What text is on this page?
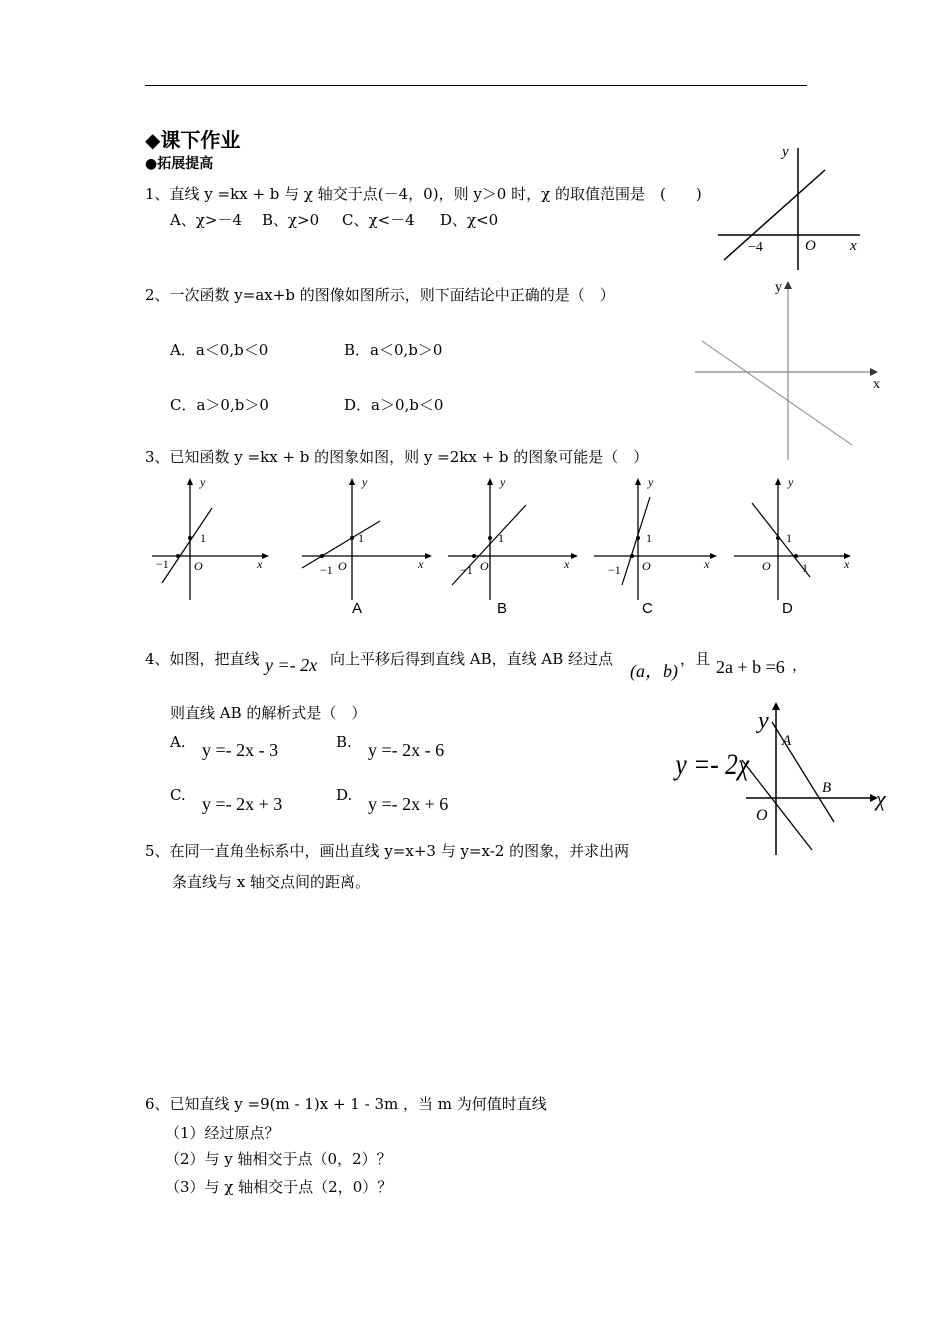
◆课下作业
●拓展提高
1、直线 y =kx + b 与 χ 轴交于点(－4，0)，则 y＞0 时，χ 的取值范围是　(　　)
A、χ>－4 B、χ>0 C、χ<－4 D、χ<0
y
x
O
−4
2、一次函数 y=ax+b 的图像如图所示，则下面结论中正确的是（　）
A．a＜0,b＜0	B．a＜0,b＞0
C．a＞0,b＞0	D．a＞0,b＜0
y
x
3、已知函数 y =kx + b 的图象如图，则 y =2kx + b 的图象可能是（　）
y
x
O
1
−1
y
x
O
1
−1
y
x
O
1
−1
y
x
O
1
−1
y
x
O
1
1
A	B	C	D
4、如图，把直线 y =- 2x 向上平移后得到直线 AB，直线 AB 经过点
(a，b)
，且 2a + b =6 ，
则直线 AB 的解析式是（　）
A. y =- 2x - 3	B. y =- 2x - 6
C. y =- 2x + 3	D. y =- 2x + 6
y =- 2χ
y
χ
O
A
B
5、在同一直角坐标系中，画出直线 y=x+3 与 y=x-2 的图象，并求出两
条直线与 x 轴交点间的距离。
6、已知直线 y =9(m - 1)x + 1 - 3m ，当 m 为何值时直线
（1）经过原点？
（2）与 y 轴相交于点（0，2）？
（3）与 χ 轴相交于点（2，0）？
